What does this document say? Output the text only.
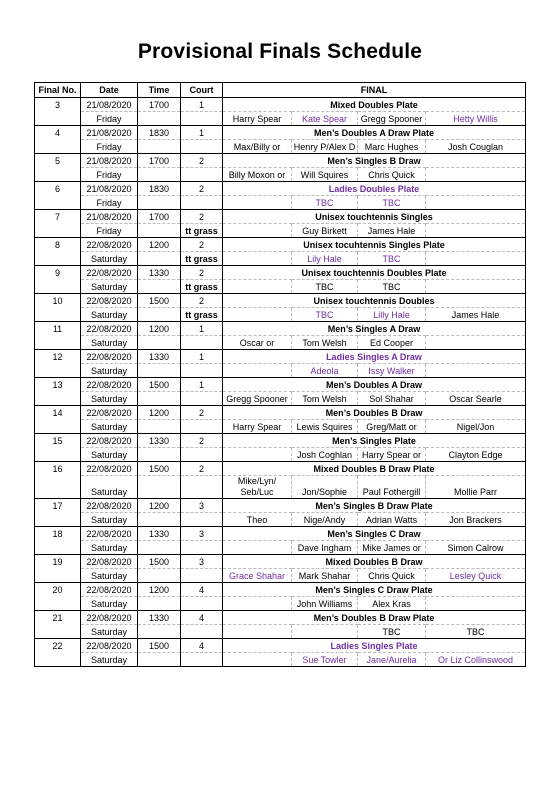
Provisional Finals Schedule
Final No.	Date	Time	Court	FINAL			
3	21/08/2020	1700	1	Mixed Doubles Plate			
	Friday			Harry Spear	Kate Spear	Gregg Spooner	Hetty Willis
4	21/08/2020	1830	1	Men’s Doubles A Draw Plate			
	Friday			Max/Billy or	Henry P/Alex D	Marc Hughes	Josh Couglan
5	21/08/2020	1700	2	Men’s Singles B Draw			
	Friday			Billy Moxon or	Will Squires	Chris Quick	
6	21/08/2020	1830	2	Ladies Doubles Plate			
	Friday				TBC	TBC	
7	21/08/2020	1700	2	Unisex touchtennis Singles			
	Friday		tt grass		Guy Birkett	James Hale	
8	22/08/2020	1200	2	Unisex tocuhtennis Singles Plate			
	Saturday		tt grass		Lily Hale	TBC	
9	22/08/2020	1330	2	Unisex touchtennis Doubles Plate			
	Saturday		tt grass		TBC	TBC	
10	22/08/2020	1500	2	Unisex touchtennis Doubles			
	Saturday		tt grass		TBC	Lilly Hale	James Hale
11	22/08/2020	1200	1	Men’s Singles A Draw			
	Saturday			Oscar or	Tom Welsh	Ed Cooper	
12	22/08/2020	1330	1	Ladies Singles A Draw			
	Saturday				Adeola	Issy Walker	
13	22/08/2020	1500	1	Men’s Doubles A Draw			
	Saturday			Gregg Spooner	Tom Welsh	Sol Shahar	Oscar Searle
14	22/08/2020	1200	2	Men’s Doubles B Draw			
	Saturday			Harry Spear	Lewis Squires	Greg/Matt or	Nigel/Jon
15	22/08/2020	1330	2	Men’s Singles Plate			
	Saturday				Josh Coghlan	Harry Spear or	Clayton Edge
16	22/08/2020	1500	2	Mixed Doubles B Draw Plate			
	Saturday			Mike/Lyn/ Seb/Luc	Jon/Sophie	Paul Fothergill	Mollie Parr
17	22/08/2020	1200	3	Men’s Singles B Draw Plate			
	Saturday			Theo	Nige/Andy	Adrian Watts	Jon Brackers
18	22/08/2020	1330	3	Men’s Singles C Draw			
	Saturday				Dave Ingham	Mike James or	Simon Calrow
19	22/08/2020	1500	3	Mixed Doubles B Draw			
	Saturday			Grace Shahar	Mark Shahar	Chris Quick	Lesley Quick
20	22/08/2020	1200	4	Men’s Singles C Draw Plate			
	Saturday				John Williams	Alex Kras	
21	22/08/2020	1330	4	Men’s Doubles B Draw Plate			
	Saturday					TBC	TBC
22	22/08/2020	1500	4	Ladies Singles Plate			
	Saturday				Sue Towler	Jane/Aurelia	Or Liz Collinswood
